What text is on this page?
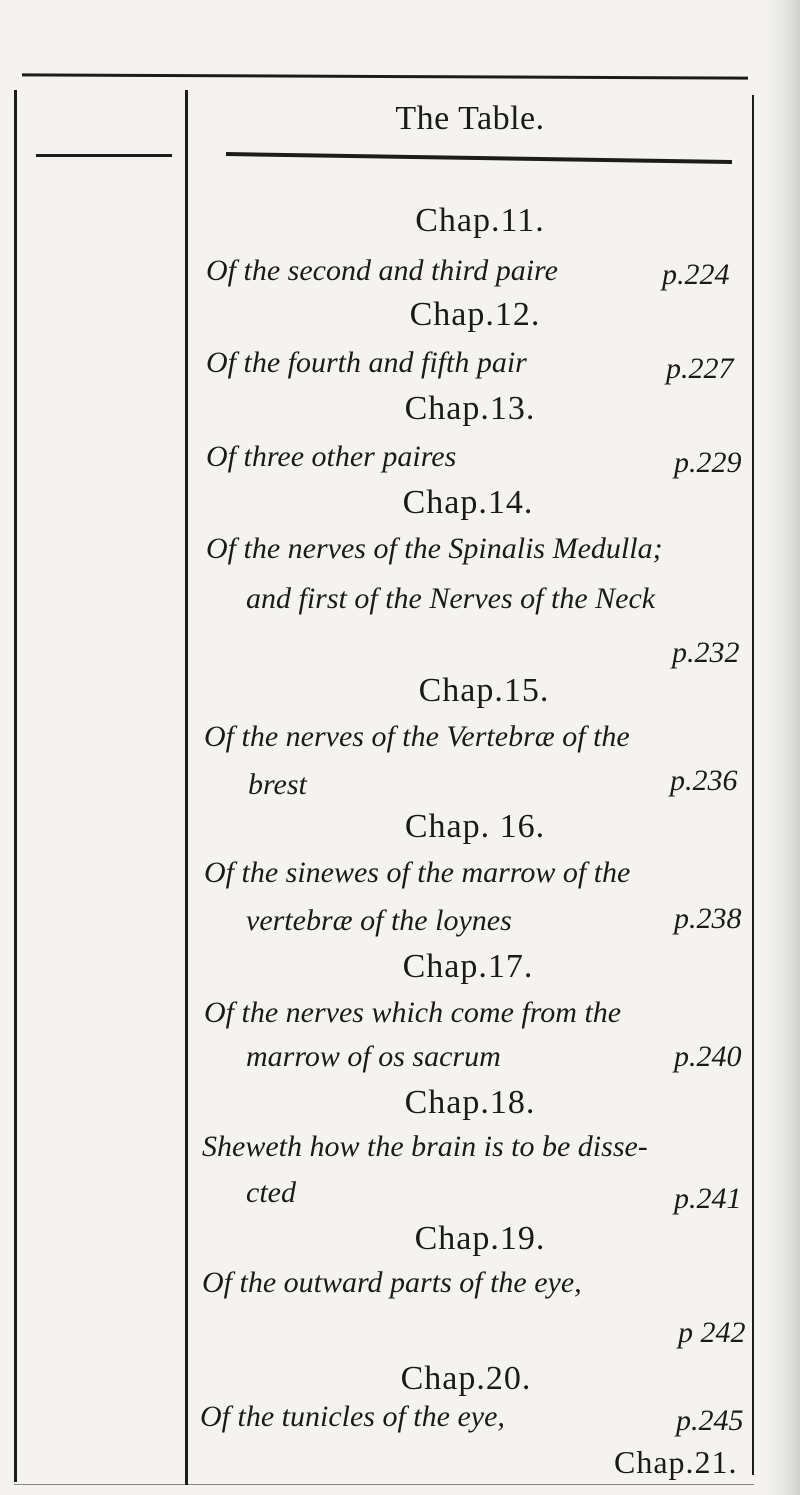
The Table.
Chap.11.
Of the second and third paire	p.224
Chap.12.
Of the fourth and fifth pair	p.227
Chap.13.
Of three other paires	p.229
Chap.14.
Of the nerves of the Spinalis Medulla;
and first of the Nerves of the Neck
p.232
Chap.15.
Of the nerves of the Vertebræ of the
brest	p.236
Chap. 16.
Of the sinewes of the marrow of the
vertebræ of the loynes	p.238
Chap.17.
Of the nerves which come from the
marrow of os sacrum	p.240
Chap.18.
Sheweth how the brain is to be disse-
cted	p.241
Chap.19.
Of the outward parts of the eye,
p 242
Chap.20.
Of the tunicles of the eye,	p.245
Chap.21.
